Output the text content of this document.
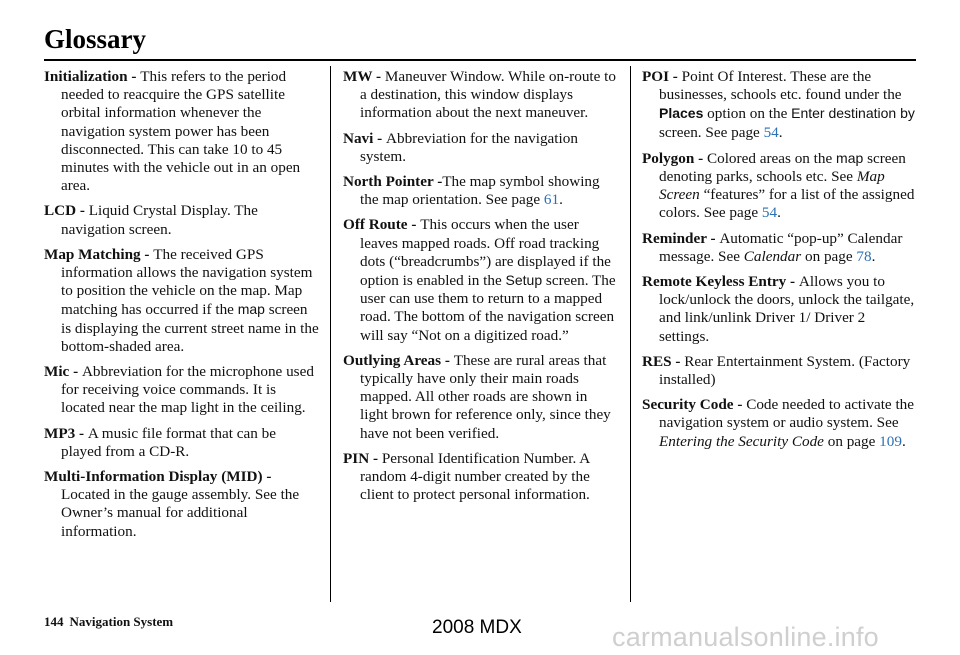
Glossary

Initialization - This refers to the period needed to reacquire the GPS satellite orbital information whenever the navigation system power has been disconnected. This can take 10 to 45 minutes with the vehicle out in an open area.

LCD - Liquid Crystal Display. The navigation screen.

Map Matching - The received GPS information allows the navigation system to position the vehicle on the map. Map matching has occurred if the map screen is displaying the current street name in the bottom-shaded area.

Mic - Abbreviation for the microphone used for receiving voice commands. It is located near the map light in the ceiling.

MP3 - A music file format that can be played from a CD-R.

Multi-Information Display (MID) - Located in the gauge assembly. See the Owner’s manual for additional information.

MW - Maneuver Window. While on-route to a destination, this window displays information about the next maneuver.

Navi - Abbreviation for the navigation system.

North Pointer -The map symbol showing the map orientation. See page 61.

Off Route - This occurs when the user leaves mapped roads. Off road tracking dots (“breadcrumbs”) are displayed if the option is enabled in the Setup screen. The user can use them to return to a mapped road. The bottom of the navigation screen will say “Not on a digitized road.”

Outlying Areas - These are rural areas that typically have only their main roads mapped. All other roads are shown in light brown for reference only, since they have not been verified.

PIN - Personal Identification Number. A random 4-digit number created by the client to protect personal information.

POI - Point Of Interest. These are the businesses, schools etc. found under the Places option on the Enter destination by screen. See page 54.

Polygon - Colored areas on the map screen denoting parks, schools etc. See Map Screen “features” for a list of the assigned colors. See page 54.

Reminder - Automatic “pop-up” Calendar message. See Calendar on page 78.

Remote Keyless Entry - Allows you to lock/unlock the doors, unlock the tailgate, and link/unlink Driver 1/ Driver 2 settings.

RES - Rear Entertainment System. (Factory installed)

Security Code - Code needed to activate the navigation system or audio system. See Entering the Security Code on page 109.

144 Navigation System	2008 MDX	carmanualsonline.info
